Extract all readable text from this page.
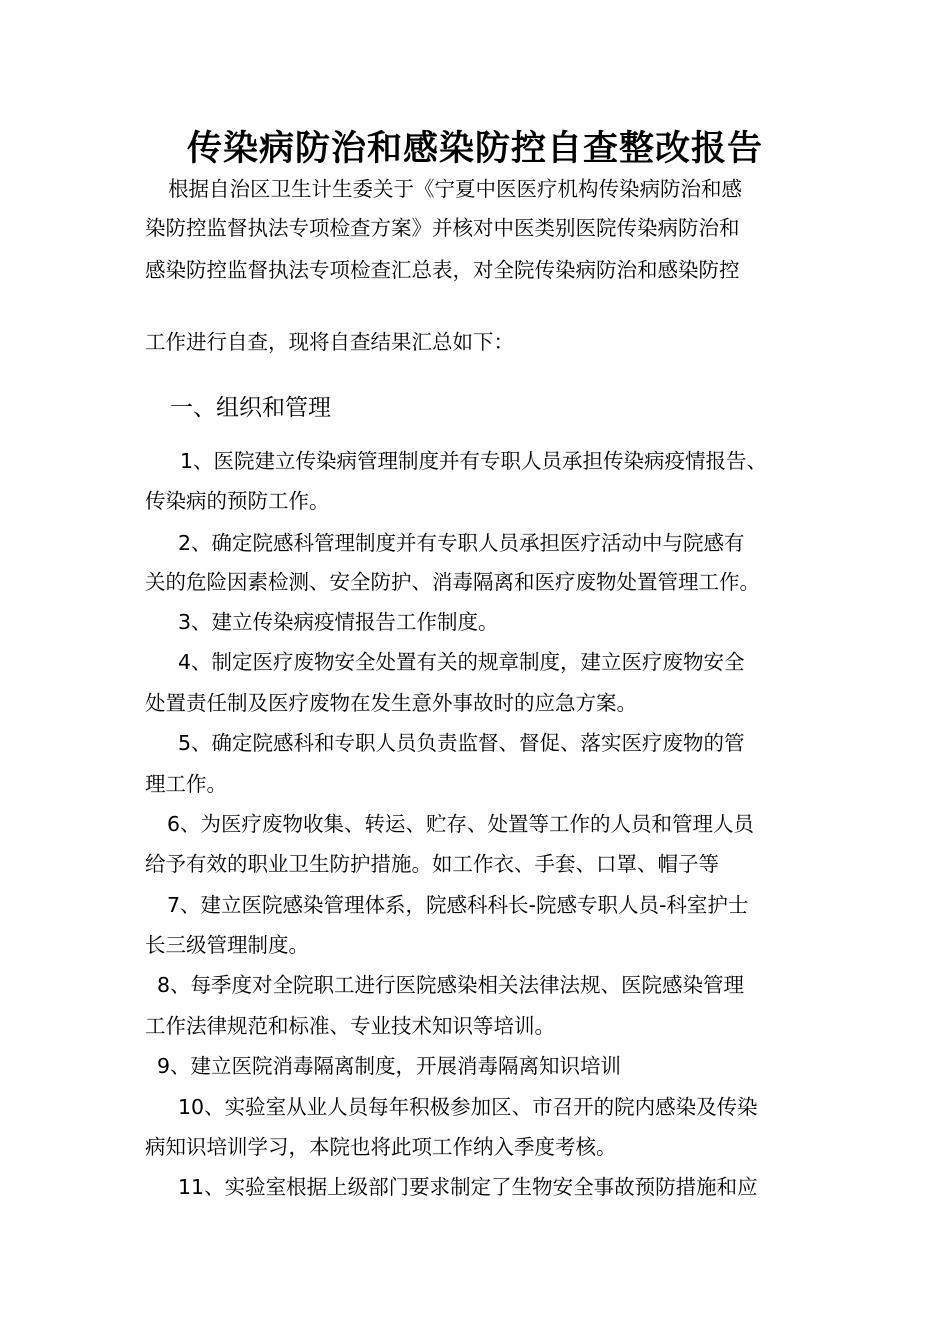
传染病防治和感染防控自查整改报告
根据自治区卫生计生委关于《宁夏中医医疗机构传染病防治和感
染防控监督执法专项检查方案》并核对中医类别医院传染病防治和
感染防控监督执法专项检查汇总表，对全院传染病防治和感染防控
工作进行自查，现将自查结果汇总如下：
一、组织和管理
1、医院建立传染病管理制度并有专职人员承担传染病疫情报告、
传染病的预防工作。
2、确定院感科管理制度并有专职人员承担医疗活动中与院感有
关的危险因素检测、安全防护、消毒隔离和医疗废物处置管理工作。
3、建立传染病疫情报告工作制度。
4、制定医疗废物安全处置有关的规章制度，建立医疗废物安全
处置责任制及医疗废物在发生意外事故时的应急方案。
5、确定院感科和专职人员负责监督、督促、落实医疗废物的管
理工作。
6、为医疗废物收集、转运、贮存、处置等工作的人员和管理人员
给予有效的职业卫生防护措施。如工作衣、手套、口罩、帽子等
7、建立医院感染管理体系，院感科科长-院感专职人员-科室护士
长三级管理制度。
8、每季度对全院职工进行医院感染相关法律法规、医院感染管理
工作法律规范和标准、专业技术知识等培训。
9、建立医院消毒隔离制度，开展消毒隔离知识培训
10、实验室从业人员每年积极参加区、市召开的院内感染及传染
病知识培训学习，本院也将此项工作纳入季度考核。
11、实验室根据上级部门要求制定了生物安全事故预防措施和应
